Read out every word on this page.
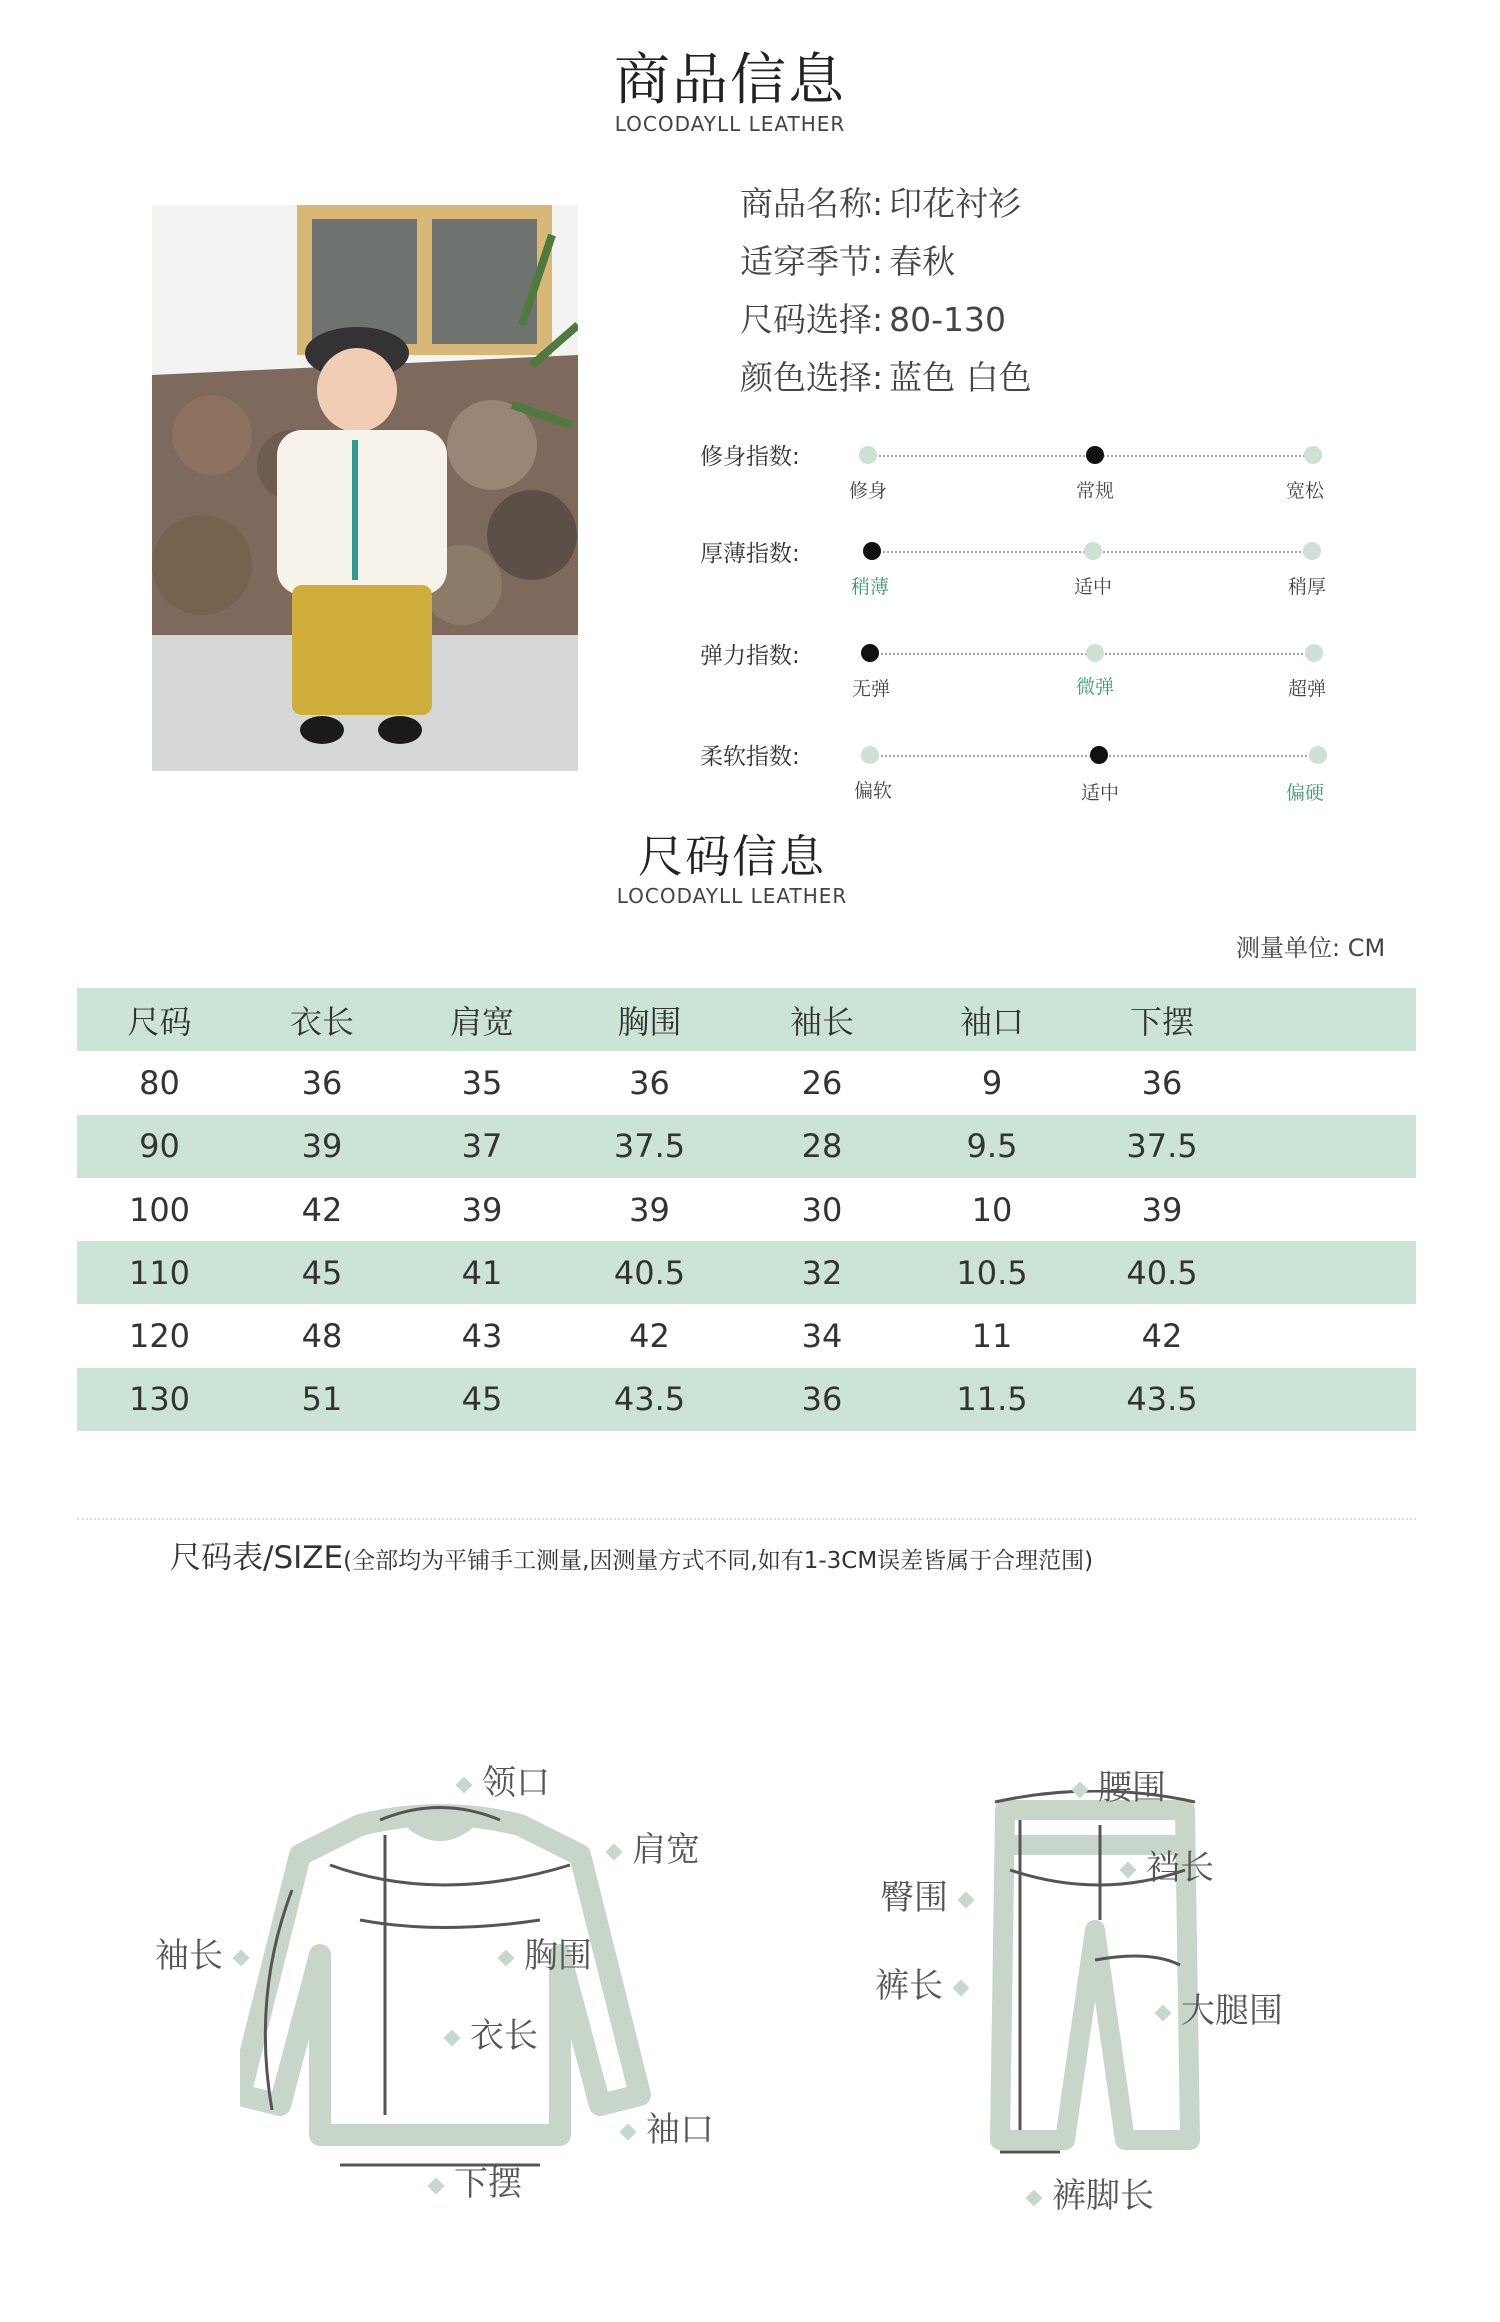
商品信息
LOCODAYLL LEATHER
商品名称: 印花衬衫
适穿季节: 春秋
尺码选择: 80-130
颜色选择: 蓝色 白色
修身指数:
修身	常规	宽松
厚薄指数:
稍薄	适中	稍厚
弹力指数:
无弹	微弹	超弹
柔软指数:
偏软	适中	偏硬
尺码信息
LOCODAYLL LEATHER
测量单位: CM
尺码	衣长	肩宽	胸围	袖长	袖口	下摆	
80	36	35	36	26	9	36	
90	39	37	37.5	28	9.5	37.5	
100	42	39	39	30	10	39	
110	45	41	40.5	32	10.5	40.5	
120	48	43	42	34	11	42	
130	51	45	43.5	36	11.5	43.5	
尺码表/SIZE(全部均为平铺手工测量,因测量方式不同,如有1-3CM误差皆属于合理范围)
领口
肩宽
袖长	胸围
衣长
袖口
下摆
腰围
裆长
臀围
裤长
大腿围
裤脚长
